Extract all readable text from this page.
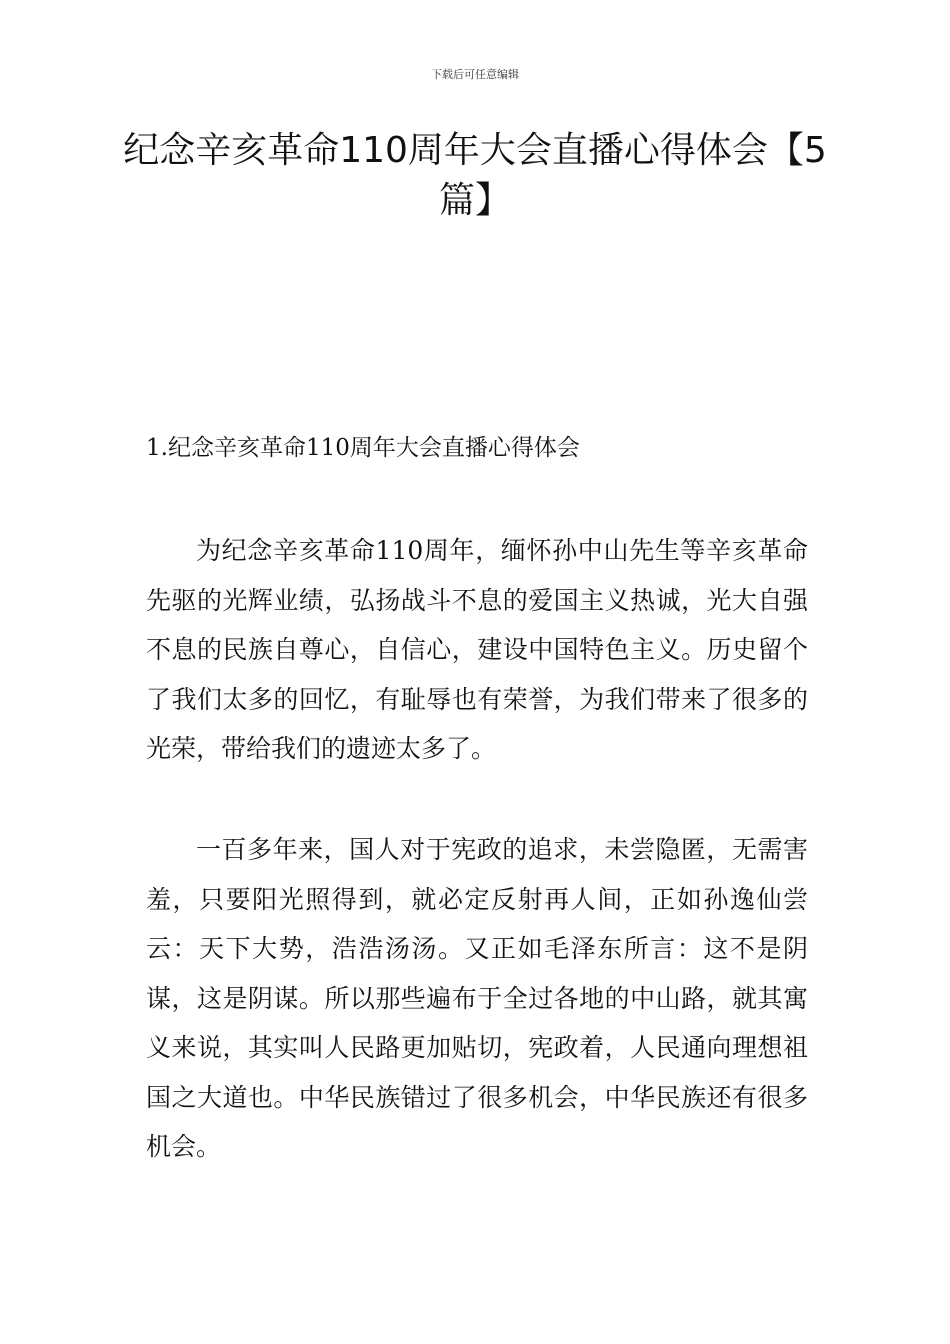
下载后可任意编辑
纪念辛亥革命110周年大会直播心得体会【5篇】
1.纪念辛亥革命110周年大会直播心得体会

为纪念辛亥革命110周年，缅怀孙中山先生等辛亥革命先驱的光辉业绩，弘扬战斗不息的爱国主义热诚，光大自强不息的民族自尊心，自信心，建设中国特色主义。历史留个了我们太多的回忆，有耻辱也有荣誉，为我们带来了很多的光荣，带给我们的遗迹太多了。

一百多年来，国人对于宪政的追求，未尝隐匿，无需害羞，只要阳光照得到，就必定反射再人间，正如孙逸仙尝云：天下大势，浩浩汤汤。又正如毛泽东所言：这不是阴谋，这是阴谋。所以那些遍布于全过各地的中山路，就其寓义来说，其实叫人民路更加贴切，宪政着，人民通向理想祖国之大道也。中华民族错过了很多机会，中华民族还有很多机会。
